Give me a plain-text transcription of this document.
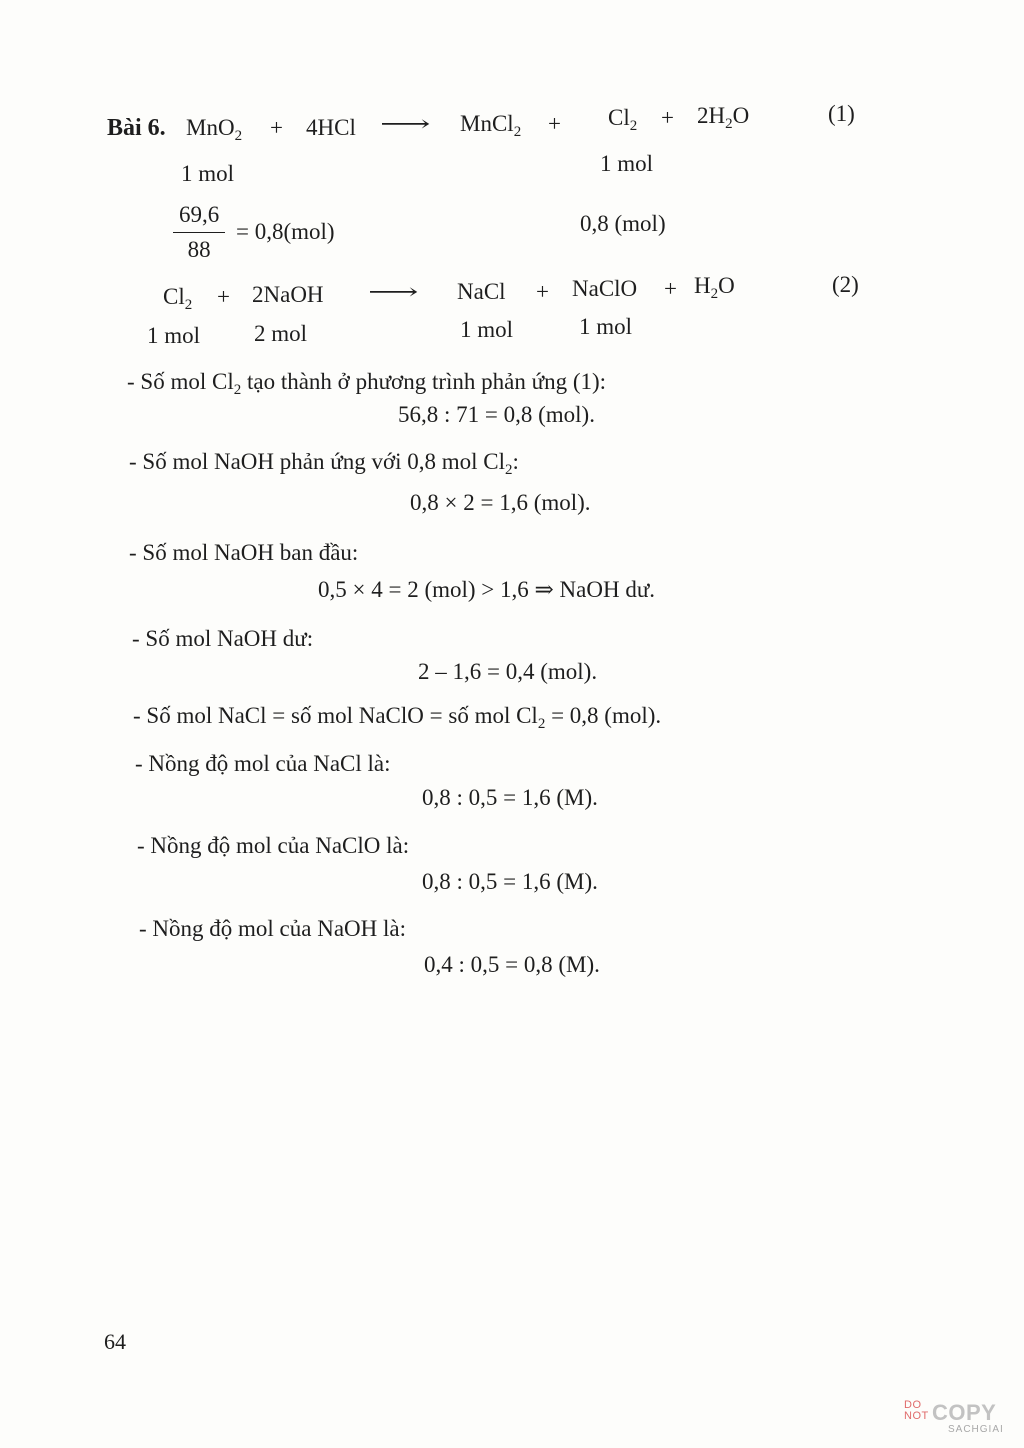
Bài 6. MnO$_2$ + 4HCl ⟶ MnCl$_2$ + $Cl_2 + 2H_2O$	(1)
1 mol	1 mol
$\frac{69,6}{88} = 0,8(mol)$	0,8 (mol)
$Cl_2$ + 2NaOH ⟶ NaCl + NaClO + $H_2O$	(2)
1 mol 2 mol	1 mol	1 mol
- Số mol $Cl_2$ tạo thành ở phương trình phản ứng (1):
56,8 : 71 = 0,8 (mol).
- Số mol NaOH phản ứng với 0,8 mol $Cl_2$:
0,8 × 2 = 1,6 (mol).
- Số mol NaOH ban đầu:
0,5 × 4 = 2 (mol) > 1,6 ⇒ NaOH dư.
- Số mol NaOH dư:
2 – 1,6 = 0,4 (mol).
- Số mol NaCl = số mol NaClO = số mol $Cl_2 = 0,8$ (mol).
- Nồng độ mol của NaCl là:
0,8 : 0,5 = 1,6 (M).
- Nồng độ mol của NaClO là:
0,8 : 0,5 = 1,6 (M).
- Nồng độ mol của NaOH là:
0,4 : 0,5 = 0,8 (M).
64
DO
NOT COPY
SACHGIAI
